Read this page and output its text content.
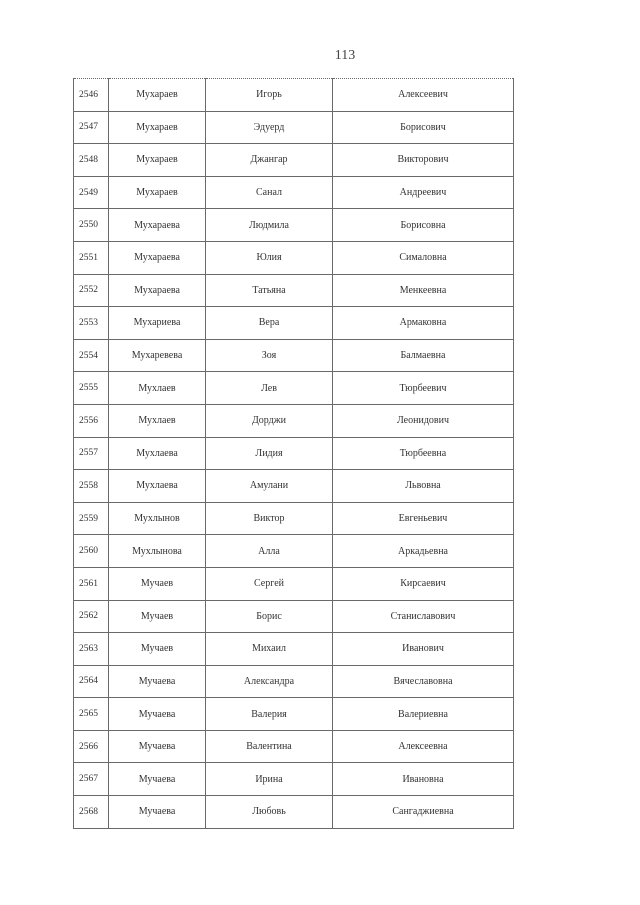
113
2546	Мухараев	Игорь	Алексеевич
2547	Мухараев	Эдуерд	Борисович
2548	Мухараев	Джангар	Викторович
2549	Мухараев	Санал	Андреевич
2550	Мухараева	Людмила	Борисовна
2551	Мухараева	Юлия	Сималовна
2552	Мухараева	Татьяна	Менкеевна
2553	Мухариева	Вера	Армаковна
2554	Мухаревева	Зоя	Балмаевна
2555	Мухлаев	Лев	Тюрбеевич
2556	Мухлаев	Дорджи	Леонидович
2557	Мухлаева	Лидия	Тюрбеевна
2558	Мухлаева	Амулани	Львовна
2559	Мухлынов	Виктор	Евгеньевич
2560	Мухлынова	Алла	Аркадьевна
2561	Мучаев	Сергей	Кирсаевич
2562	Мучаев	Борис	Станиславович
2563	Мучаев	Михаил	Иванович
2564	Мучаева	Александра	Вячеславовна
2565	Мучаева	Валерия	Валериевна
2566	Мучаева	Валентина	Алексеевна
2567	Мучаева	Ирина	Ивановна
2568	Мучаева	Любовь	Сангаджиевна
